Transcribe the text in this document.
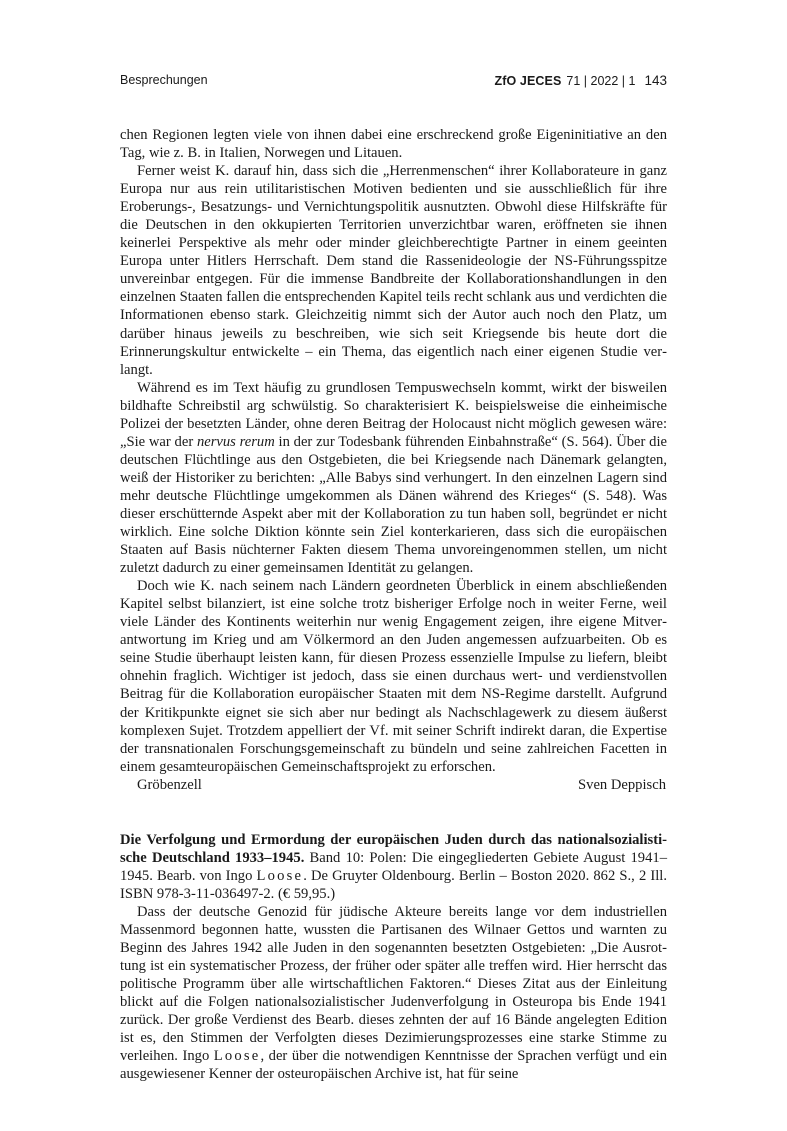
Besprechungen	ZfO JECES 71 | 2022 | 1 143

chen Regionen legten viele von ihnen dabei eine erschreckend große Eigeninitiative an den Tag, wie z. B. in Italien, Norwegen und Litauen.

Ferner weist K. darauf hin, dass sich die „Herrenmenschen“ ihrer Kollaborateure in ganz Europa nur aus rein utilitaristischen Motiven bedienten und sie ausschließlich für ihre Eroberungs-, Besatzungs- und Vernichtungspolitik ausnutzten. Obwohl diese Hilfskräfte für die Deutschen in den okkupierten Territorien unverzichtbar waren, eröffneten sie ihnen keinerlei Perspektive als mehr oder minder gleichberechtigte Partner in einem geeinten Europa unter Hitlers Herrschaft. Dem stand die Rassenideologie der NS-Führungsspitze unvereinbar entgegen. Für die immense Bandbreite der Kollaborationshandlungen in den einzelnen Staaten fallen die entsprechenden Kapitel teils recht schlank aus und verdichten die Informationen ebenso stark. Gleichzeitig nimmt sich der Autor auch noch den Platz, um darüber hinaus jeweils zu beschreiben, wie sich seit Kriegsende bis heute dort die Erinnerungskultur entwickelte – ein Thema, das eigentlich nach einer eigenen Studie verlangt.

Während es im Text häufig zu grundlosen Tempuswechseln kommt, wirkt der bisweilen bildhafte Schreibstil arg schwülstig. So charakterisiert K. beispielsweise die einheimische Polizei der besetzten Länder, ohne deren Beitrag der Holocaust nicht möglich gewesen wäre: „Sie war der nervus rerum in der zur Todesbank führenden Einbahnstraße“ (S. 564). Über die deutschen Flüchtlinge aus den Ostgebieten, die bei Kriegsende nach Dänemark gelangten, weiß der Historiker zu berichten: „Alle Babys sind verhungert. In den einzelnen Lagern sind mehr deutsche Flüchtlinge umgekommen als Dänen während des Krieges“ (S. 548). Was dieser erschütternde Aspekt aber mit der Kollaboration zu tun haben soll, begründet er nicht wirklich. Eine solche Diktion könnte sein Ziel konterkarieren, dass sich die europäischen Staaten auf Basis nüchterner Fakten diesem Thema unvoreingenommen stellen, um nicht zuletzt dadurch zu einer gemeinsamen Identität zu gelangen.

Doch wie K. nach seinem nach Ländern geordneten Überblick in einem abschließenden Kapitel selbst bilanziert, ist eine solche trotz bisheriger Erfolge noch in weiter Ferne, weil viele Länder des Kontinents weiterhin nur wenig Engagement zeigen, ihre eigene Mitverantwortung im Krieg und am Völkermord an den Juden angemessen aufzuarbeiten. Ob es seine Studie überhaupt leisten kann, für diesen Prozess essenzielle Impulse zu liefern, bleibt ohnehin fraglich. Wichtiger ist jedoch, dass sie einen durchaus wert- und verdienstvollen Beitrag für die Kollaboration europäischer Staaten mit dem NS-Regime darstellt. Aufgrund der Kritikpunkte eignet sie sich aber nur bedingt als Nachschlagewerk zu diesem äußerst komplexen Sujet. Trotzdem appelliert der Vf. mit seiner Schrift indirekt daran, die Expertise der transnationalen Forschungsgemeinschaft zu bündeln und seine zahlreichen Facetten in einem gesamteuropäischen Gemeinschaftsprojekt zu erforschen.

Gröbenzell	Sven Deppisch

Die Verfolgung und Ermordung der europäischen Juden durch das nationalsozialistische Deutschland 1933–1945. Band 10: Polen: Die eingegliederten Gebiete August 1941–1945. Bearb. von Ingo Loose. De Gruyter Oldenbourg. Berlin – Boston 2020. 862 S., 2 Ill. ISBN 978-3-11-036497-2. (€ 59,95.)

Dass der deutsche Genozid für jüdische Akteure bereits lange vor dem industriellen Massenmord begonnen hatte, wussten die Partisanen des Wilnaer Gettos und warnten zu Beginn des Jahres 1942 alle Juden in den sogenannten besetzten Ostgebieten: „Die Ausrottung ist ein systematischer Prozess, der früher oder später alle treffen wird. Hier herrscht das politische Programm über alle wirtschaftlichen Faktoren.“ Dieses Zitat aus der Einleitung blickt auf die Folgen nationalsozialistischer Judenverfolgung in Osteuropa bis Ende 1941 zurück. Der große Verdienst des Bearb. dieses zehnten der auf 16 Bände angelegten Edition ist es, den Stimmen der Verfolgten dieses Dezimierungsprozesses eine starke Stimme zu verleihen. Ingo Loose, der über die notwendigen Kenntnisse der Sprachen verfügt und ein ausgewiesener Kenner der osteuropäischen Archive ist, hat für seine
